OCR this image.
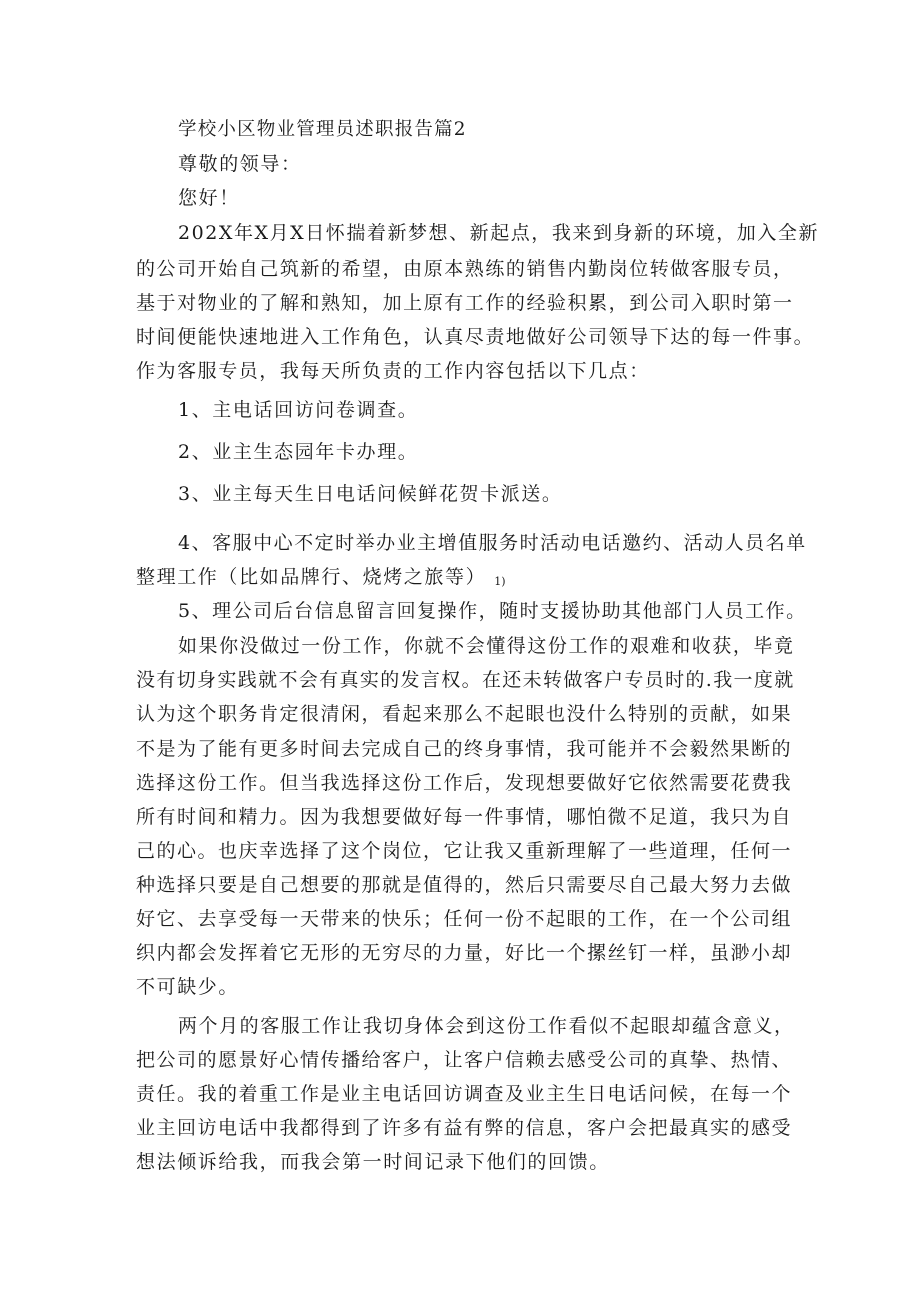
学校小区物业管理员述职报告篇2
尊敬的领导：
您好！
202X年X月X日怀揣着新梦想、新起点，我来到身新的环境，加入全新
的公司开始自己筑新的希望，由原本熟练的销售内勤岗位转做客服专员，
基于对物业的了解和熟知，加上原有工作的经验积累，到公司入职时第一
时间便能快速地进入工作角色，认真尽责地做好公司领导下达的每一件事。
作为客服专员，我每天所负责的工作内容包括以下几点：
1、主电话回访问卷调查。
2、业主生态园年卡办理。
3、业主每天生日电话问候鲜花贺卡派送。
4、客服中心不定时举办业主增值服务时活动电话邀约、活动人员名单
整理工作（比如品牌行、烧烤之旅等） 1)
5、理公司后台信息留言回复操作，随时支援协助其他部门人员工作。
如果你没做过一份工作，你就不会懂得这份工作的艰难和收获，毕竟
没有切身实践就不会有真实的发言权。在还未转做客户专员时的.我一度就
认为这个职务肯定很清闲，看起来那么不起眼也没什么特别的贡献，如果
不是为了能有更多时间去完成自己的终身事情，我可能并不会毅然果断的
选择这份工作。但当我选择这份工作后，发现想要做好它依然需要花费我
所有时间和精力。因为我想要做好每一件事情，哪怕微不足道，我只为自
己的心。也庆幸选择了这个岗位，它让我又重新理解了一些道理，任何一
种选择只要是自己想要的那就是值得的，然后只需要尽自己最大努力去做
好它、去享受每一天带来的快乐；任何一份不起眼的工作，在一个公司组
织内都会发挥着它无形的无穷尽的力量，好比一个摞丝钉一样，虽渺小却
不可缺少。
两个月的客服工作让我切身体会到这份工作看似不起眼却蕴含意义，
把公司的愿景好心情传播给客户，让客户信赖去感受公司的真挚、热情、
责任。我的着重工作是业主电话回访调查及业主生日电话问候，在每一个
业主回访电话中我都得到了许多有益有弊的信息，客户会把最真实的感受
想法倾诉给我，而我会第一时间记录下他们的回馈。
